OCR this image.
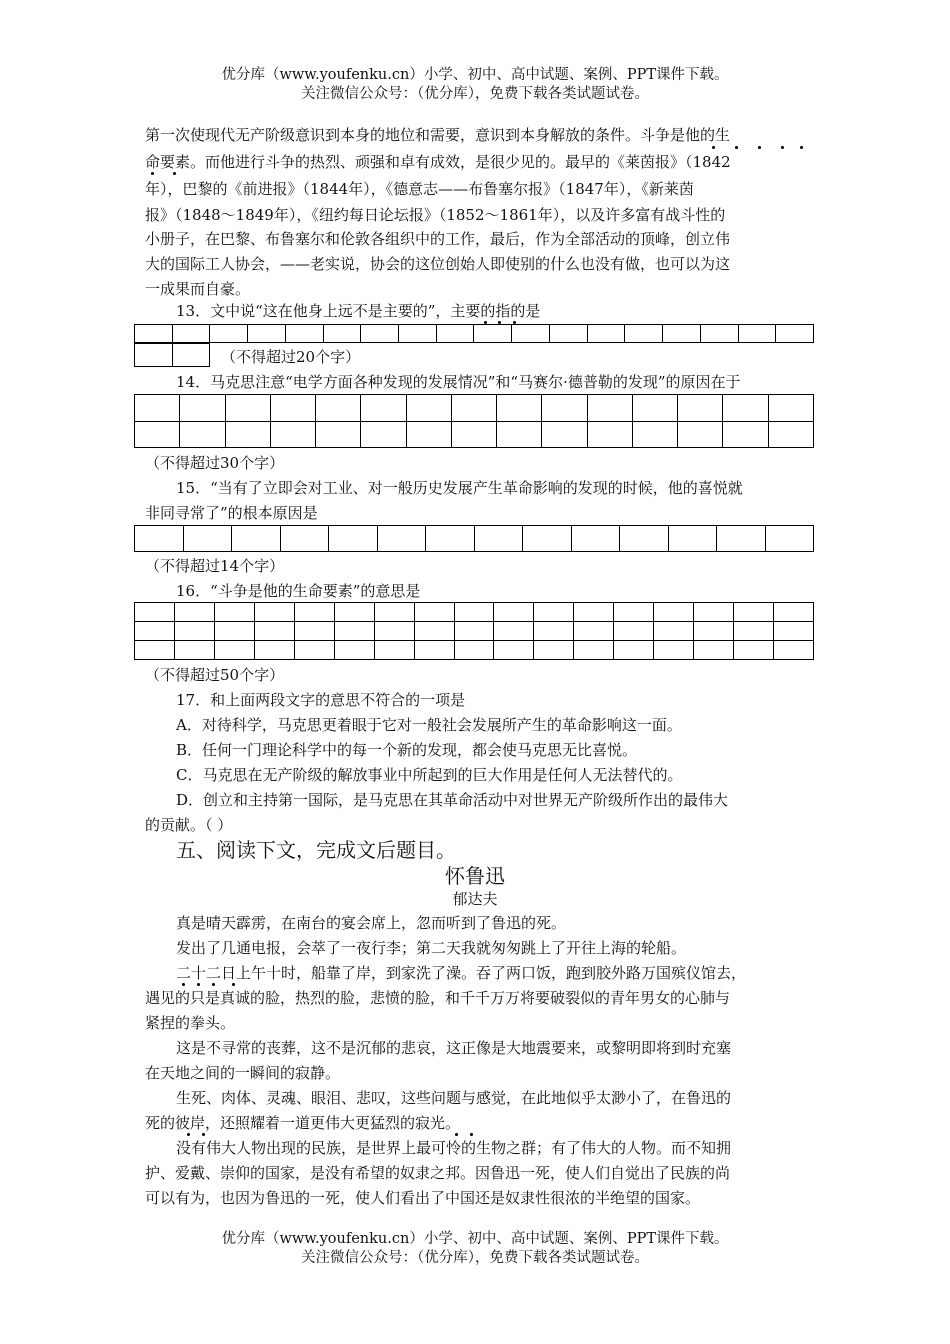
优分库（www.youfenku.cn）小学、初中、高中试题、案例、PPT课件下载。
关注微信公众号：（优分库），免费下载各类试题试卷。
第一次使现代无产阶级意识到本身的地位和需要，意识到本身解放的条件。斗争是他的生
命要素。而他进行斗争的热烈、顽强和卓有成效，是很少见的。最早的《莱茵报》（1842
年），巴黎的《前进报》（1844年），《德意志——布鲁塞尔报》（1847年），《新莱茵
报》（1848～1849年），《纽约每日论坛报》（1852～1861年），以及许多富有战斗性的
小册子，在巴黎、布鲁塞尔和伦敦各组织中的工作，最后，作为全部活动的顶峰，创立伟
大的国际工人协会，——老实说，协会的这位创始人即使别的什么也没有做，也可以为这
一成果而自豪。
13．文中说“这在他身上远不是主要的”，主要的指的是

（不得超过20个字）
14．马克思注意“电学方面各种发现的发展情况”和“马赛尔·德普勒的发现”的原因在于

（不得超过30个字）
15．“当有了立即会对工业、对一般历史发展产生革命影响的发现的时候，他的喜悦就
非同寻常了”的根本原因是

（不得超过14个字）
16．“斗争是他的生命要素”的意思是

（不得超过50个字）
17．和上面两段文字的意思不符合的一项是
A．对待科学，马克思更着眼于它对一般社会发展所产生的革命影响这一面。
B．任何一门理论科学中的每一个新的发现，都会使马克思无比喜悦。
C．马克思在无产阶级的解放事业中所起到的巨大作用是任何人无法替代的。
D．创立和主持第一国际，是马克思在其革命活动中对世界无产阶级所作出的最伟大
的贡献。（ ）
五、阅读下文，完成文后题目。
怀鲁迅
郁达夫
真是晴天霹雳，在南台的宴会席上，忽而听到了鲁迅的死。
发出了几通电报，会萃了一夜行李；第二天我就匆匆跳上了开往上海的轮船。
二十二日上午十时，船靠了岸，到家洗了澡。吞了两口饭，跑到胶外路万国殡仪馆去，
遇见的只是真诚的脸，热烈的脸，悲愤的脸，和千千万万将要破裂似的青年男女的心肺与
紧捏的拳头。
这是不寻常的丧葬，这不是沉郁的悲哀，这正像是大地震要来，或黎明即将到时充塞
在天地之间的一瞬间的寂静。
生死、肉体、灵魂、眼泪、悲叹，这些问题与感觉，在此地似乎太渺小了，在鲁迅的
死的彼岸，还照耀着一道更伟大更猛烈的寂光。
没有伟大人物出现的民族，是世界上最可怜的生物之群；有了伟大的人物。而不知拥
护、爱戴、崇仰的国家，是没有希望的奴隶之邦。因鲁迅一死，使人们自觉出了民族的尚
可以有为，也因为鲁迅的一死，使人们看出了中国还是奴隶性很浓的半绝望的国家。
优分库（www.youfenku.cn）小学、初中、高中试题、案例、PPT课件下载。
关注微信公众号：（优分库），免费下载各类试题试卷。
